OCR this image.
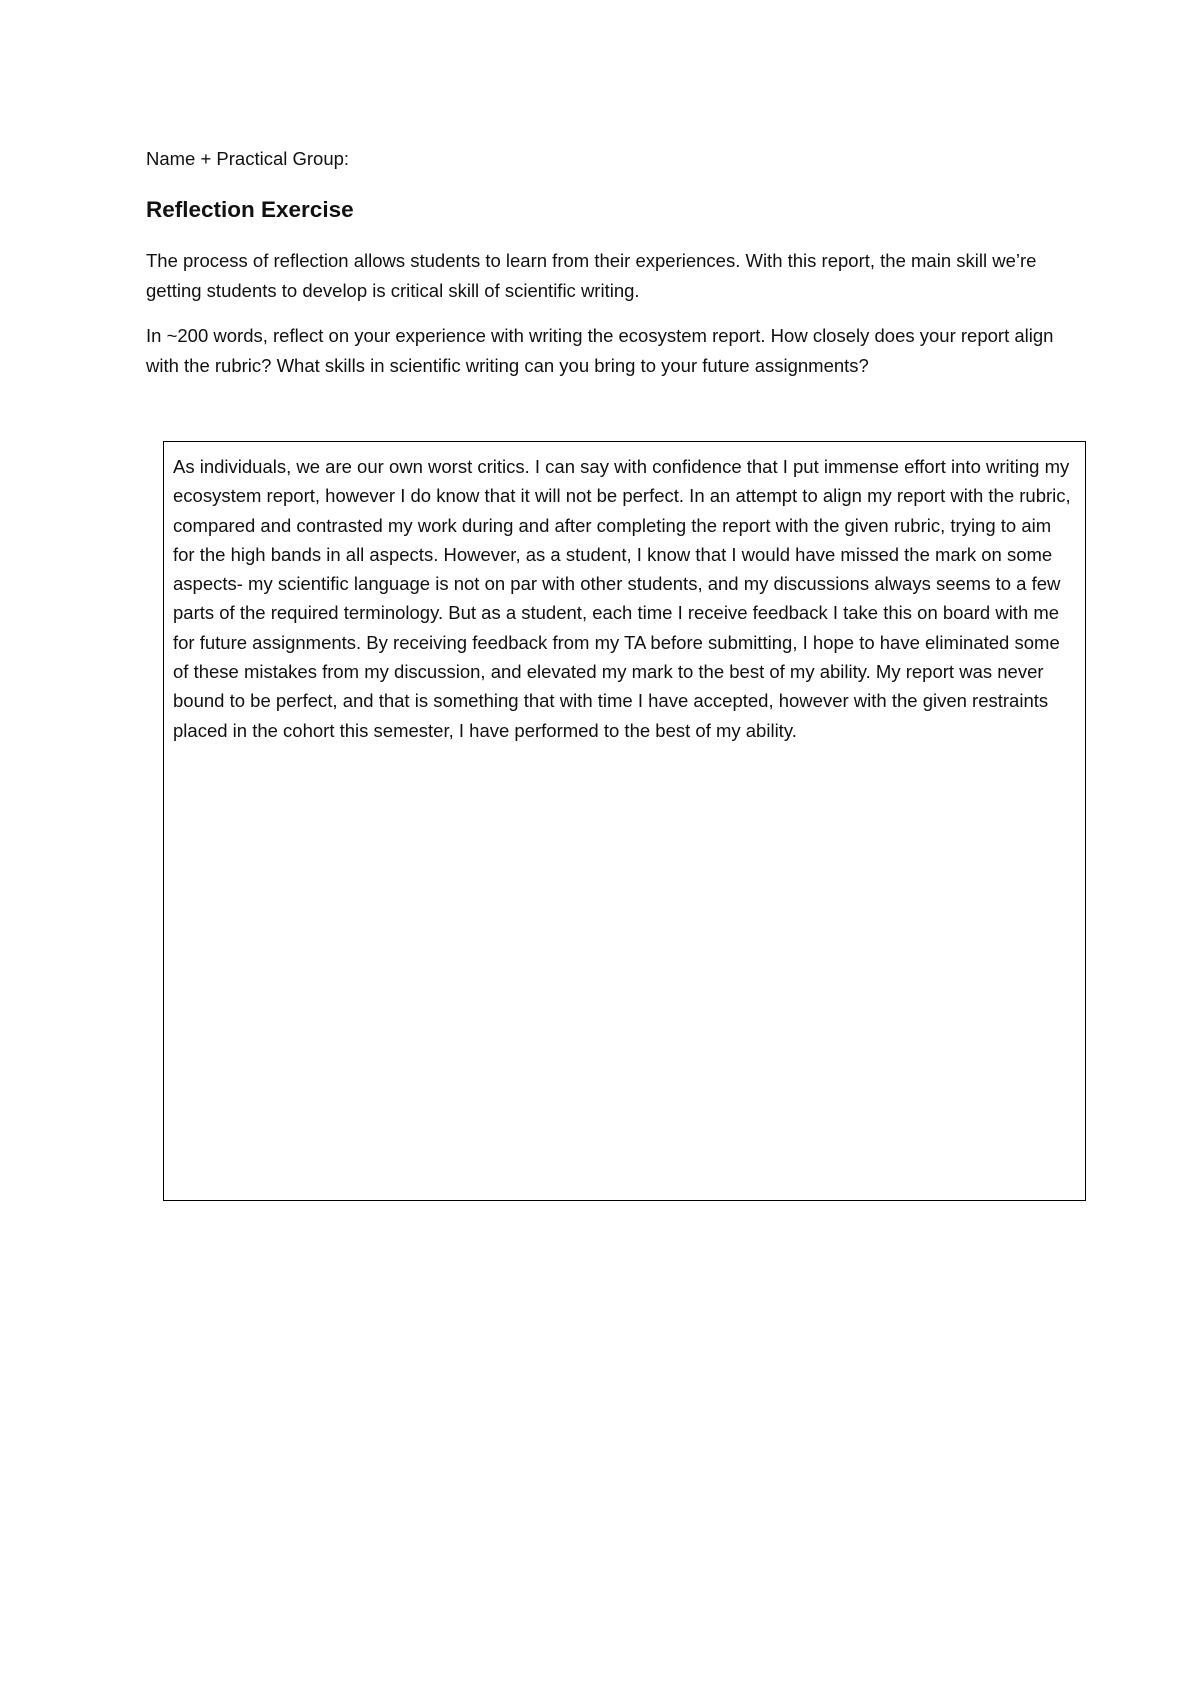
Name + Practical Group:
Reflection Exercise

The process of reflection allows students to learn from their experiences. With this report, the main skill we’re getting students to develop is critical skill of scientific writing.

In ~200 words, reflect on your experience with writing the ecosystem report. How closely does your report align with the rubric? What skills in scientific writing can you bring to your future assignments?

As individuals, we are our own worst critics. I can say with confidence that I put immense effort into writing my ecosystem report, however I do know that it will not be perfect. In an attempt to align my report with the rubric, compared and contrasted my work during and after completing the report with the given rubric, trying to aim for the high bands in all aspects. However, as a student, I know that I would have missed the mark on some aspects- my scientific language is not on par with other students, and my discussions always seems to a few parts of the required terminology. But as a student, each time I receive feedback I take this on board with me for future assignments. By receiving feedback from my TA before submitting, I hope to have eliminated some of these mistakes from my discussion, and elevated my mark to the best of my ability. My report was never bound to be perfect, and that is something that with time I have accepted, however with the given restraints placed in the cohort this semester, I have performed to the best of my ability.
